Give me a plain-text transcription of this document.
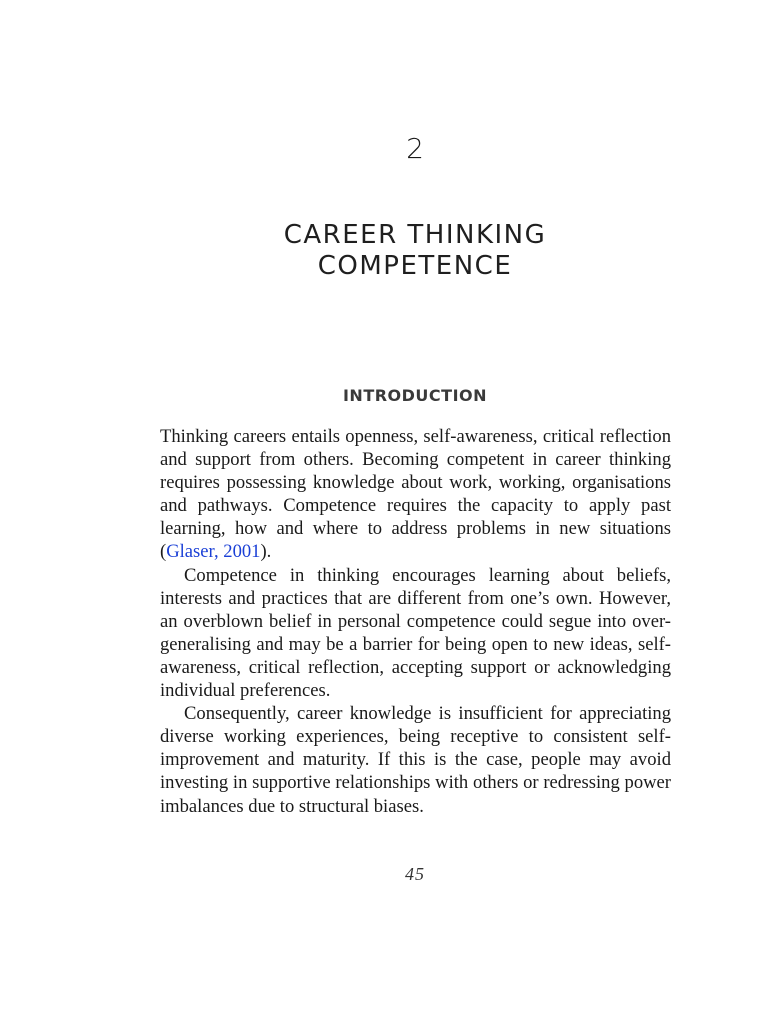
2
CAREER THINKING
COMPETENCE
INTRODUCTION

Thinking careers entails openness, self-awareness, critical reflection and support from others. Becoming competent in career thinking requires possessing knowledge about work, working, organisations and pathways. Competence requires the capacity to apply past learning, how and where to address problems in new situations (Glaser, 2001).

Competence in thinking encourages learning about beliefs, interests and practices that are different from one’s own. However, an overblown belief in personal competence could segue into over-generalising and may be a barrier for being open to new ideas, self-awareness, critical reflection, accepting support or acknowledging individual preferences.

Consequently, career knowledge is insufficient for appreciating diverse working experiences, being receptive to consistent self-improvement and maturity. If this is the case, people may avoid investing in supportive relationships with others or redressing power imbalances due to structural biases.

45
